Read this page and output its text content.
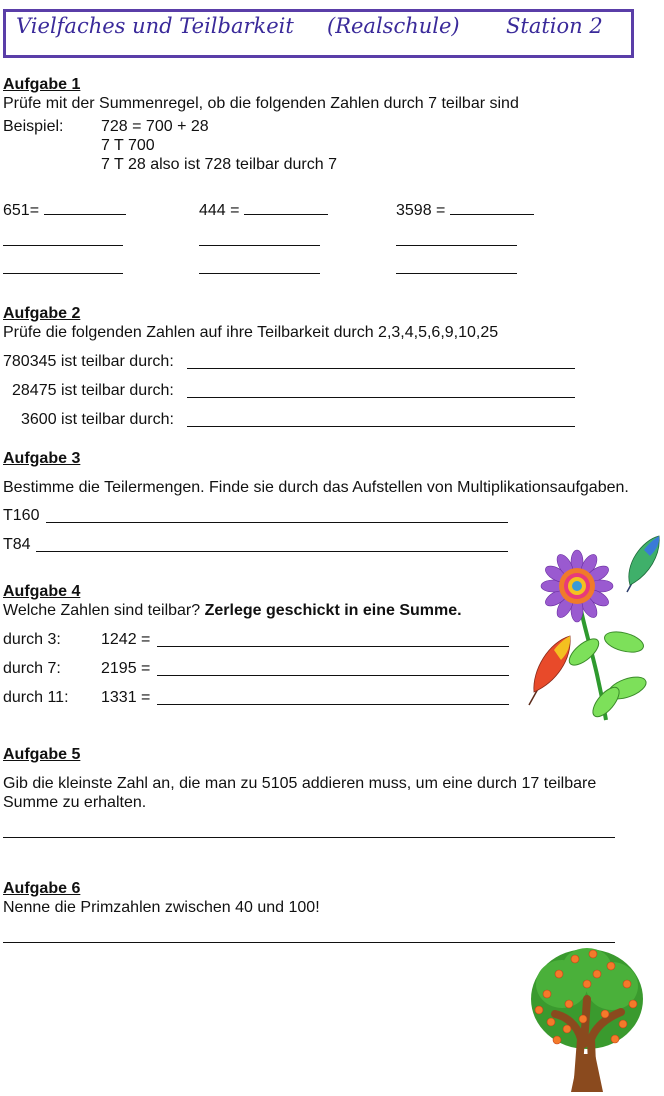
Vielfaches und Teilbarkeit (Realschule) Station 2
Aufgabe 1
Prüfe mit der Summenregel, ob die folgenden Zahlen durch 7 teilbar sind
Beispiel: 728 = 700 + 28
7 T 700
7 T 28 also ist 728 teilbar durch 7
651=	444 =	3598 =
Aufgabe 2
Prüfe die folgenden Zahlen auf ihre Teilbarkeit durch 2,3,4,5,6,9,10,25
780345 ist teilbar durch:
28475 ist teilbar durch:
3600 ist teilbar durch:
Aufgabe 3
Bestimme die Teilermengen. Finde sie durch das Aufstellen von Multiplikationsaufgaben.
T160
T84
Aufgabe 4
Welche Zahlen sind teilbar? Zerlege geschickt in eine Summe.
durch 3:	1242 =
durch 7:	2195 =
durch 11: 1331 =
Aufgabe 5
Gib die kleinste Zahl an, die man zu 5105 addieren muss, um eine durch 17 teilbare
Summe zu erhalten.
Aufgabe 6
Nenne die Primzahlen zwischen 40 und 100!
